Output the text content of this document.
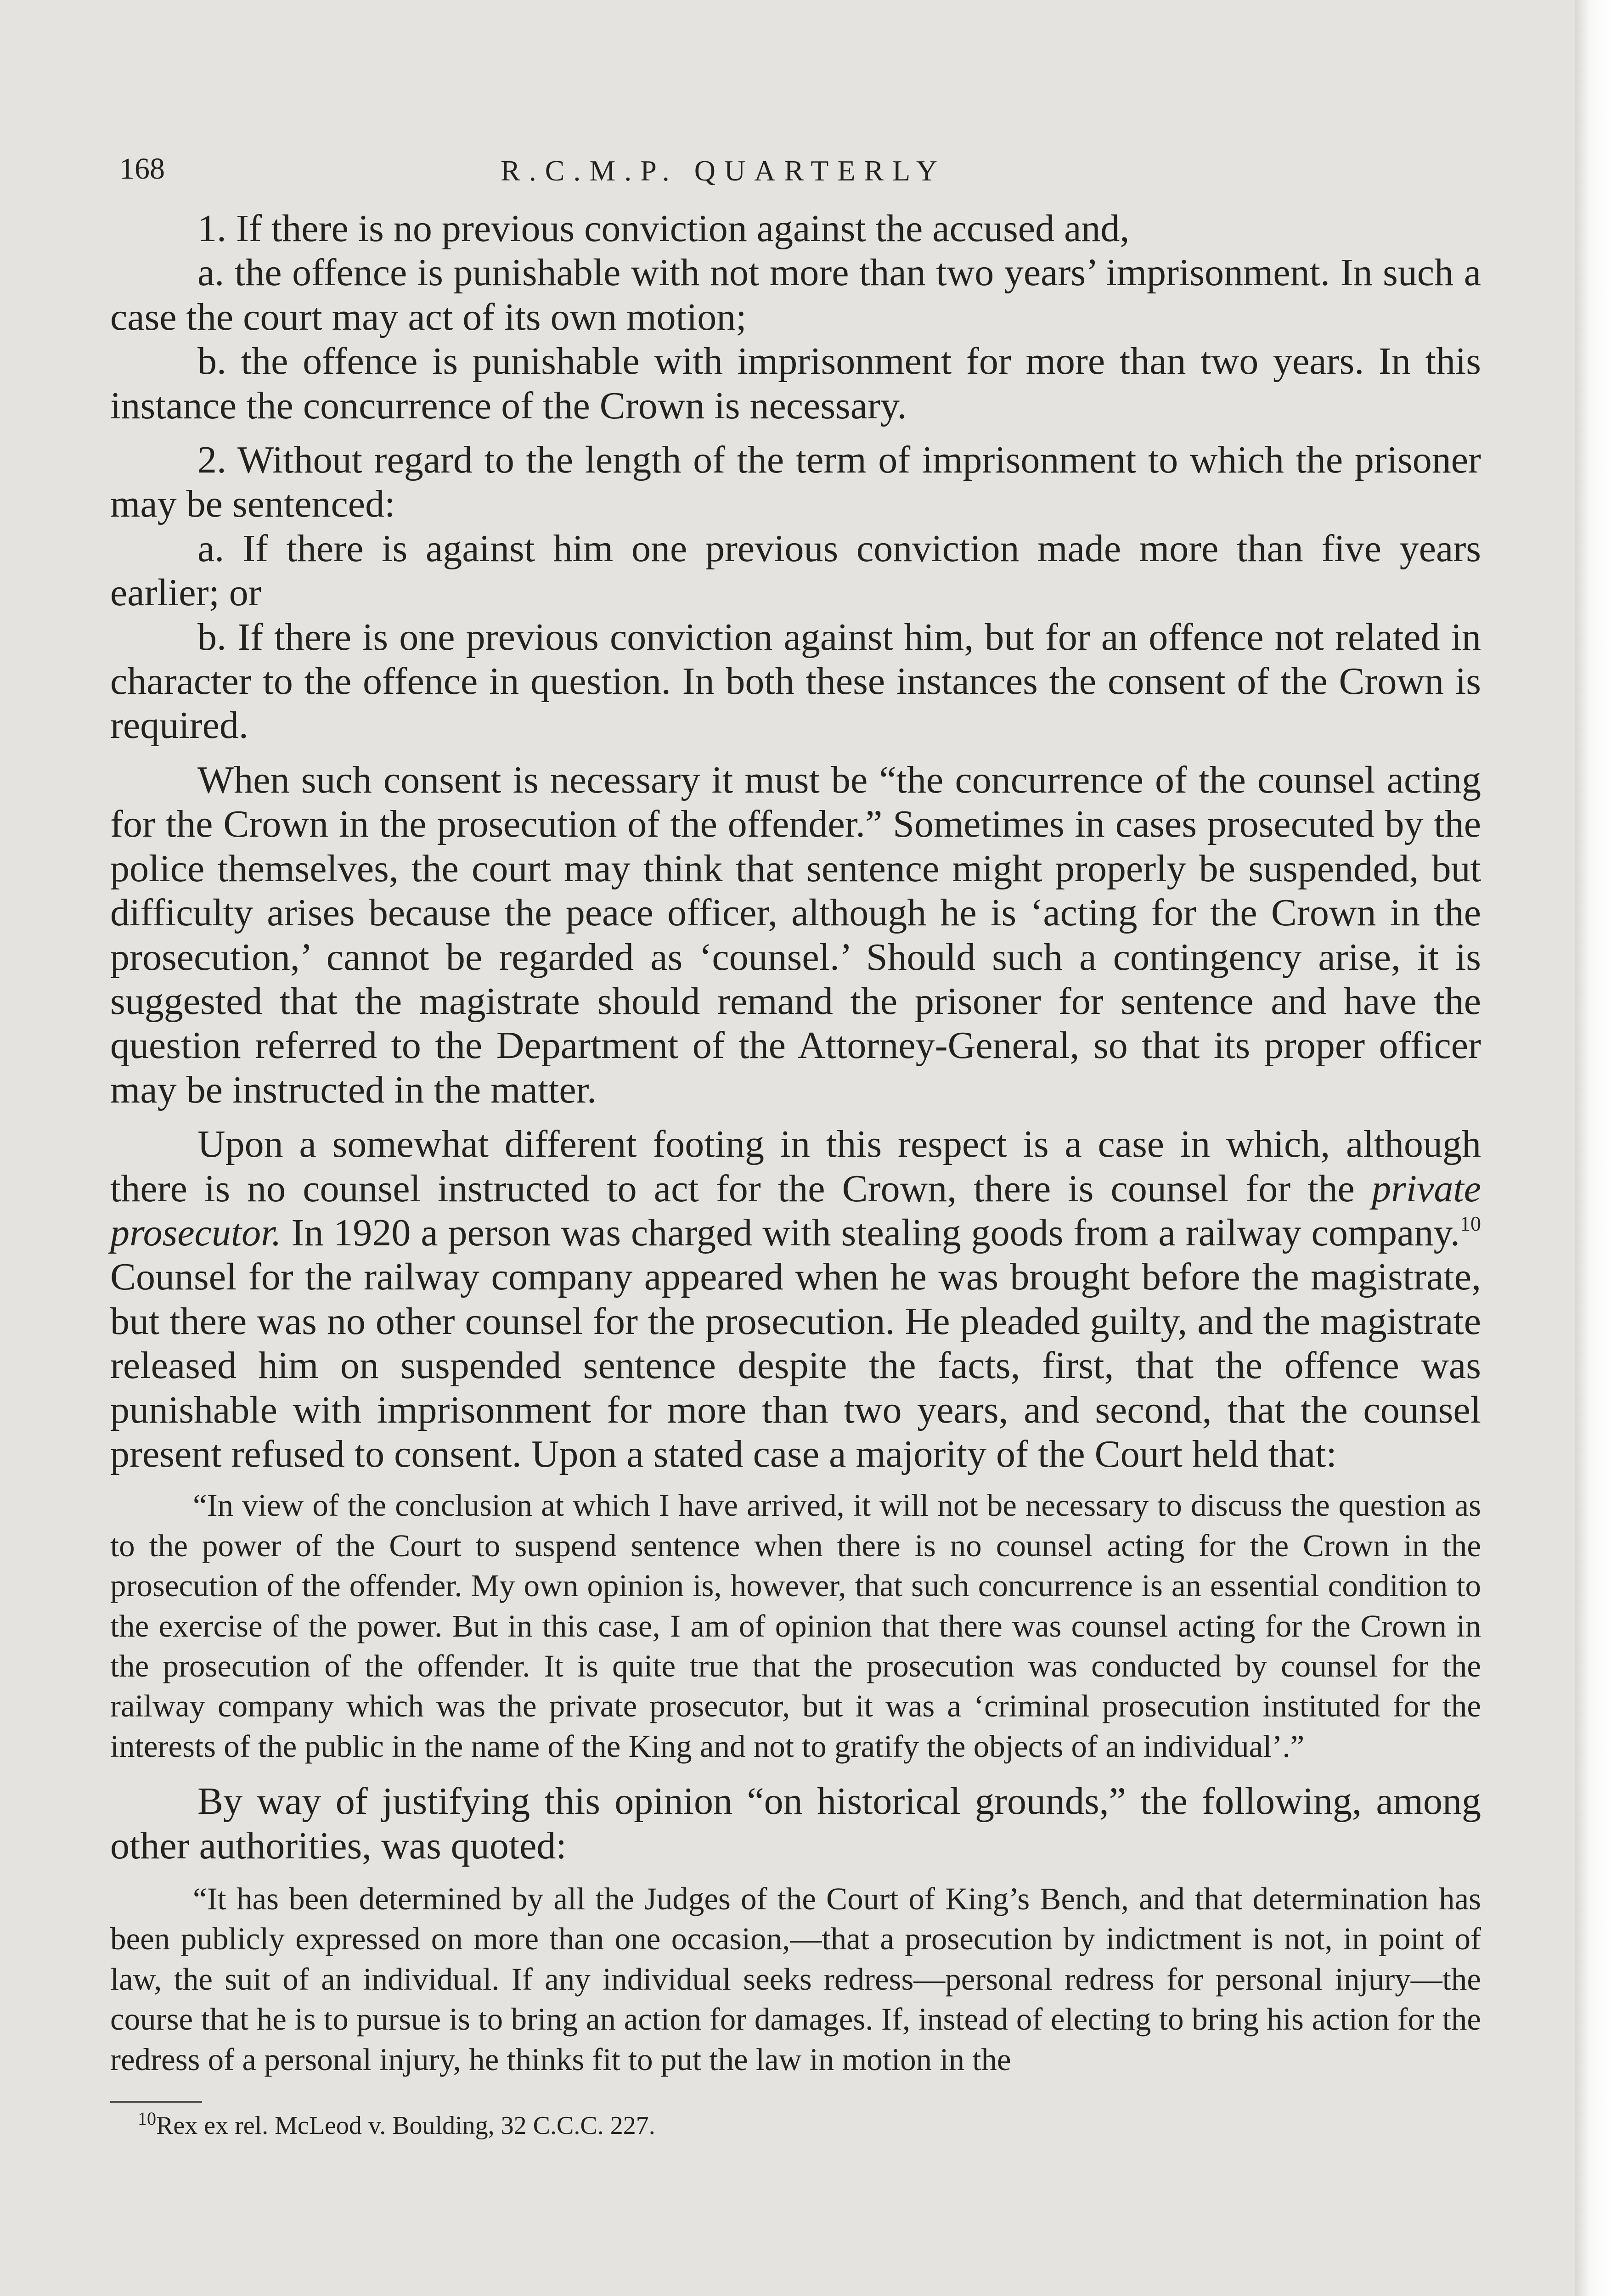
168	R.C.M.P. QUARTERLY

1. If there is no previous conviction against the accused and,

a. the offence is punishable with not more than two years’ imprisonment. In such a case the court may act of its own motion;

b. the offence is punishable with imprisonment for more than two years. In this instance the concurrence of the Crown is necessary.

2. Without regard to the length of the term of imprisonment to which the prisoner may be sentenced:

a. If there is against him one previous conviction made more than five years earlier; or

b. If there is one previous conviction against him, but for an offence not related in character to the offence in question. In both these instances the consent of the Crown is required.

When such consent is necessary it must be “the concurrence of the counsel acting for the Crown in the prosecution of the offender.” Sometimes in cases prosecuted by the police themselves, the court may think that sentence might properly be suspended, but difficulty arises because the peace officer, although he is ‘acting for the Crown in the prosecution,’ cannot be regarded as ‘counsel.’ Should such a contingency arise, it is suggested that the magistrate should remand the prisoner for sentence and have the question referred to the Department of the Attorney-General, so that its proper officer may be instructed in the matter.

Upon a somewhat different footing in this respect is a case in which, although there is no counsel instructed to act for the Crown, there is counsel for the private prosecutor. In 1920 a person was charged with stealing goods from a railway company.$^{10}$ Counsel for the railway company appeared when he was brought before the magistrate, but there was no other counsel for the prosecution. He pleaded guilty, and the magistrate released him on suspended sentence despite the facts, first, that the offence was punishable with imprisonment for more than two years, and second, that the counsel present refused to consent. Upon a stated case a majority of the Court held that:

“In view of the conclusion at which I have arrived, it will not be necessary to discuss the question as to the power of the Court to suspend sentence when there is no counsel acting for the Crown in the prosecution of the offender. My own opinion is, however, that such concurrence is an essential condition to the exercise of the power. But in this case, I am of opinion that there was counsel acting for the Crown in the prosecution of the offender. It is quite true that the prosecution was conducted by counsel for the railway company which was the private prosecutor, but it was a ‘criminal prosecution instituted for the interests of the public in the name of the King and not to gratify the objects of an individual’.”

By way of justifying this opinion “on historical grounds,” the following, among other authorities, was quoted:

“It has been determined by all the Judges of the Court of King’s Bench, and that determination has been publicly expressed on more than one occasion,—that a prosecution by indictment is not, in point of law, the suit of an individual. If any individual seeks redress—personal redress for personal injury—the course that he is to pursue is to bring an action for damages. If, instead of electing to bring his action for the redress of a personal injury, he thinks fit to put the law in motion in the

$^{10}$Rex ex rel. McLeod v. Boulding, 32 C.C.C. 227.
